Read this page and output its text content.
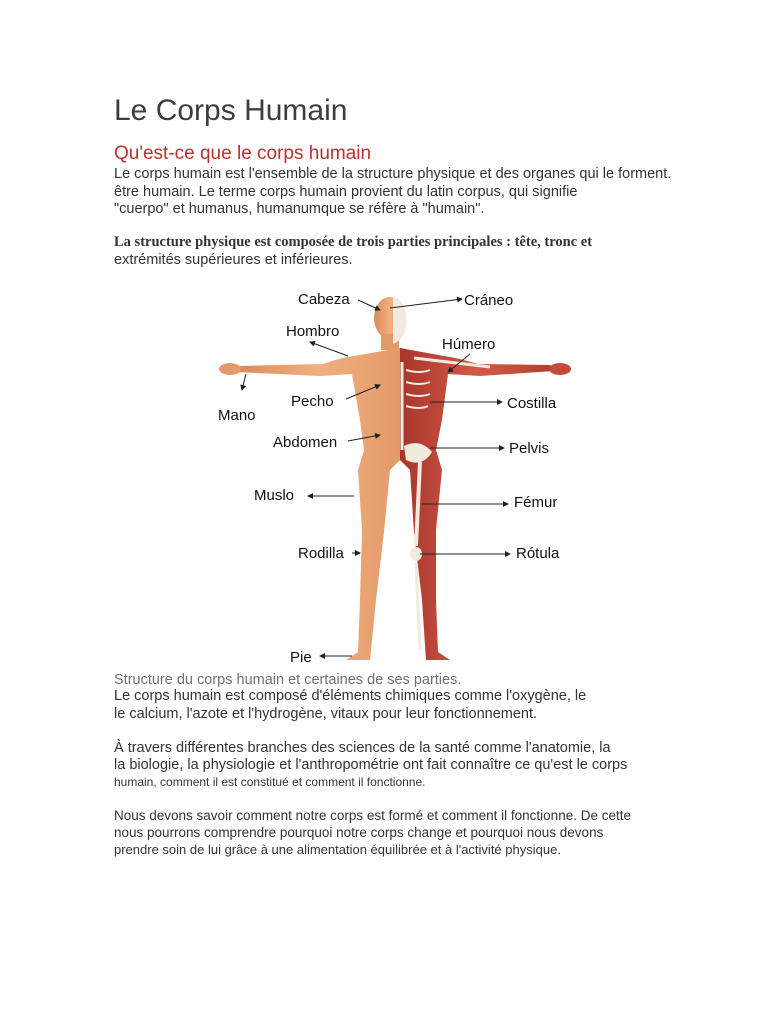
Le Corps Humain
Qu'est-ce que le corps humain

Le corps humain est l'ensemble de la structure physique et des organes qui le forment.
être humain. Le terme corps humain provient du latin corpus, qui signifie
"cuerpo" et humanus, humanumque se réfère à "humain".

La structure physique est composée de trois parties principales : tête, tronc et
extrémités supérieures et inférieures.

Cabeza	Cráneo
Hombro
Húmero
Mano
Pecho	Costilla
Abdomen	Pelvis
Muslo	Fémur
Rodilla	Rótula
Pie

Structure du corps humain et certaines de ses parties.

Le corps humain est composé d'éléments chimiques comme l'oxygène, le
le calcium, l'azote et l'hydrogène, vitaux pour leur fonctionnement.

À travers différentes branches des sciences de la santé comme l'anatomie, la
la biologie, la physiologie et l'anthropométrie ont fait connaître ce qu'est le corps
humain, comment il est constitué et comment il fonctionne.

Nous devons savoir comment notre corps est formé et comment il fonctionne. De cette
nous pourrons comprendre pourquoi notre corps change et pourquoi nous devons
prendre soin de lui grâce à une alimentation équilibrée et à l'activité physique.
